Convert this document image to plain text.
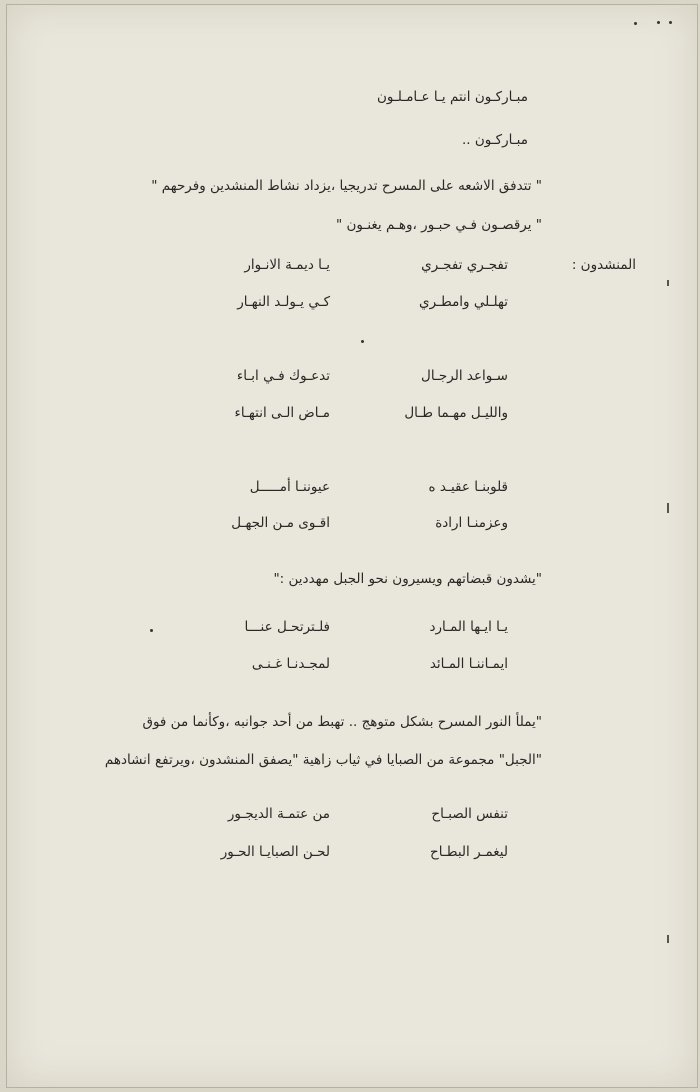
مبـاركـون انتم يـا عـامـلـون
مبـاركـون ..
" تتدفق الاشعه على المسرح تدريجيا ،يزداد نشاط المنشدين وفرحهم "
" يرقصـون فـي حبـور ،وهـم يغنـون "
المنشدون :
تفجـري تفجـري
يـا ديمـة الانـوار
تهلـلي وامطـري
كـي يـولـد النهـار
سـواعد الرجـال
تدعـوك فـي ابـاء
والليـل مهـما طـال
مـاض الـى انتهـاء
قلوبنـا عقيـد ه
عيوننـا أمـــــل
وعزمنـا ارادة
اقـوى مـن الجهـل
"يشدون قبضاتهم ويسيرون نحو الجبل مهددين :"
يـا ايـها المـارد
فلـترتحـل عنـــا
ايمـاننـا المـائد
لمجـدنـا غـنـى
"يملأ النور المسرح بشكل متوهج .. تهبط من أحد جوانبه ،وكأنما من فوق
"الجبل" مجموعة من الصبايا في ثياب زاهية "يصفق المنشدون ،ويرتفع انشادهم
تنفس الصبـاح
من عتمـة الديجـور
ليغمـر البطـاح
لحـن الصبايـا الحـور
